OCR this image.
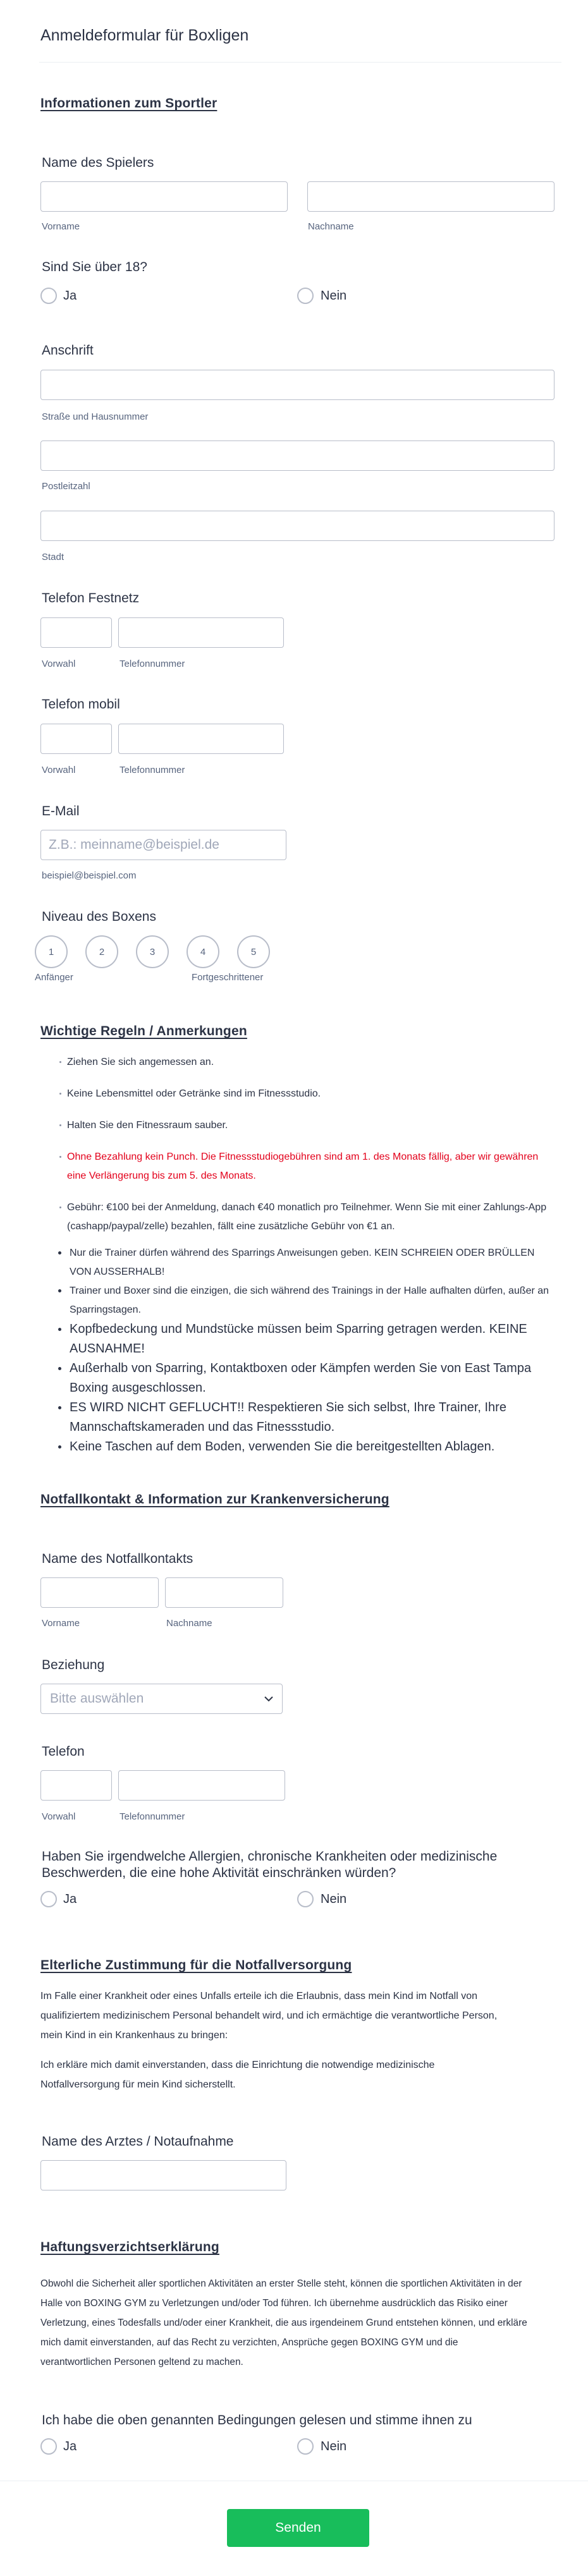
Anmeldeformular für Boxligen
Informationen zum Sportler
Name des Spielers
Vorname	Nachname
Sind Sie über 18?
Ja	Nein
Anschrift
Straße und Hausnummer
Postleitzahl
Stadt
Telefon Festnetz
Vorwahl	Telefonnummer
Telefon mobil
Vorwahl	Telefonnummer
E-Mail
Z.B.: meinname@beispiel.de
beispiel@beispiel.com
Niveau des Boxens
1	2	3	4	5
Anfänger	Fortgeschrittener
Wichtige Regeln / Anmerkungen
Ziehen Sie sich angemessen an.
Keine Lebensmittel oder Getränke sind im Fitnessstudio.
Halten Sie den Fitnessraum sauber.
Ohne Bezahlung kein Punch. Die Fitnessstudiogebühren sind am 1. des Monats fällig, aber wir gewähren
eine Verlängerung bis zum 5. des Monats.
Gebühr: €100 bei der Anmeldung, danach €40 monatlich pro Teilnehmer. Wenn Sie mit einer Zahlungs-App
(cashapp/paypal/zelle) bezahlen, fällt eine zusätzliche Gebühr von €1 an.
Nur die Trainer dürfen während des Sparrings Anweisungen geben. KEIN SCHREIEN ODER BRÜLLEN
VON AUSSERHALB!
Trainer und Boxer sind die einzigen, die sich während des Trainings in der Halle aufhalten dürfen, außer an
Sparringstagen.
Kopfbedeckung und Mundstücke müssen beim Sparring getragen werden. KEINE
AUSNAHME!
Außerhalb von Sparring, Kontaktboxen oder Kämpfen werden Sie von East Tampa
Boxing ausgeschlossen.
ES WIRD NICHT GEFLUCHT!! Respektieren Sie sich selbst, Ihre Trainer, Ihre
Mannschaftskameraden und das Fitnessstudio.
Keine Taschen auf dem Boden, verwenden Sie die bereitgestellten Ablagen.
Notfallkontakt & Information zur Krankenversicherung
Name des Notfallkontakts
Vorname	Nachname
Beziehung
Bitte auswählen
Telefon
Vorwahl	Telefonnummer
Haben Sie irgendwelche Allergien, chronische Krankheiten oder medizinische
Beschwerden, die eine hohe Aktivität einschränken würden?
Ja	Nein
Elterliche Zustimmung für die Notfallversorgung
Im Falle einer Krankheit oder eines Unfalls erteile ich die Erlaubnis, dass mein Kind im Notfall von
qualifiziertem medizinischem Personal behandelt wird, und ich ermächtige die verantwortliche Person,
mein Kind in ein Krankenhaus zu bringen:
Ich erkläre mich damit einverstanden, dass die Einrichtung die notwendige medizinische
Notfallversorgung für mein Kind sicherstellt.
Name des Arztes / Notaufnahme
Haftungsverzichtserklärung
Obwohl die Sicherheit aller sportlichen Aktivitäten an erster Stelle steht, können die sportlichen Aktivitäten in der
Halle von BOXING GYM zu Verletzungen und/oder Tod führen. Ich übernehme ausdrücklich das Risiko einer
Verletzung, eines Todesfalls und/oder einer Krankheit, die aus irgendeinem Grund entstehen können, und erkläre
mich damit einverstanden, auf das Recht zu verzichten, Ansprüche gegen BOXING GYM und die
verantwortlichen Personen geltend zu machen.
Ich habe die oben genannten Bedingungen gelesen und stimme ihnen zu
Ja	Nein
Senden
